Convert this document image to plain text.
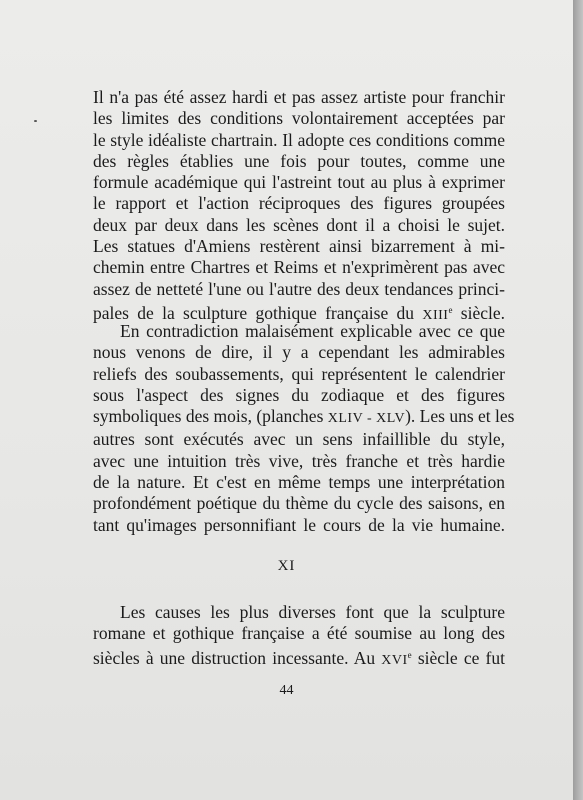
Il n'a pas été assez hardi et pas assez artiste pour franchir
les limites des conditions volontairement acceptées par
le style idéaliste chartrain. Il adopte ces conditions comme
des règles établies une fois pour toutes, comme une
formule académique qui l'astreint tout au plus à exprimer
le rapport et l'action réciproques des figures groupées
deux par deux dans les scènes dont il a choisi le sujet.
Les statues d'Amiens restèrent ainsi bizarrement à mi-
chemin entre Chartres et Reims et n'exprimèrent pas avec
assez de netteté l'une ou l'autre des deux tendances princi-
pales de la sculpture gothique française du XIIIe siècle.
En contradiction malaisément explicable avec ce que
nous venons de dire, il y a cependant les admirables
reliefs des soubassements, qui représentent le calendrier
sous l'aspect des signes du zodiaque et des figures
symboliques des mois, (planches XLIV - XLV). Les uns et les
autres sont exécutés avec un sens infaillible du style,
avec une intuition très vive, très franche et très hardie
de la nature. Et c'est en même temps une interprétation
profondément poétique du thème du cycle des saisons, en
tant qu'images personnifiant le cours de la vie humaine.
XI
Les causes les plus diverses font que la sculpture
romane et gothique française a été soumise au long des
siècles à une distruction incessante. Au XVIe siècle ce fut
44
